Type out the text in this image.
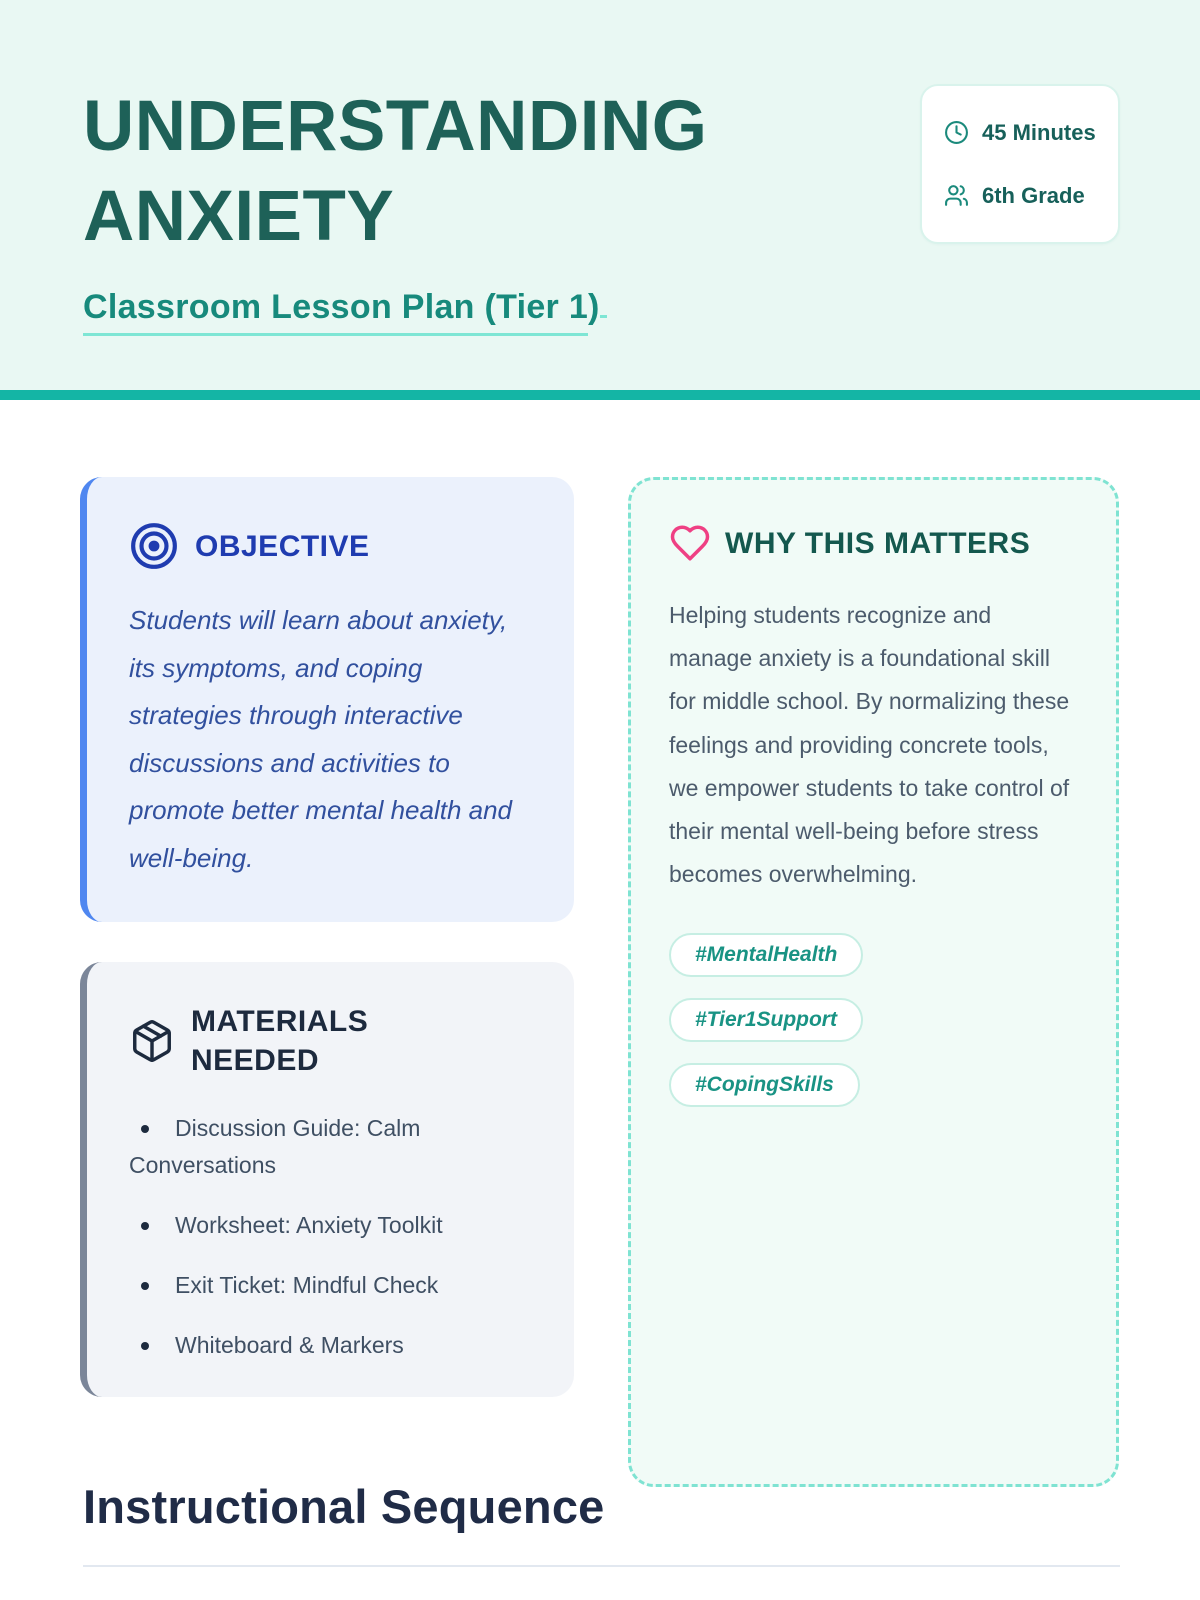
UNDERSTANDING
ANXIETY
Classroom Lesson Plan (Tier 1)
45 Minutes
6th Grade
OBJECTIVE
Students will learn about anxiety, its symptoms, and coping strategies through interactive discussions and activities to promote better mental health and well-being.
MATERIALS NEEDED
Discussion Guide: Calm Conversations
Worksheet: Anxiety Toolkit
Exit Ticket: Mindful Check
Whiteboard & Markers
WHY THIS MATTERS
Helping students recognize and manage anxiety is a foundational skill for middle school. By normalizing these feelings and providing concrete tools, we empower students to take control of their mental well-being before stress becomes overwhelming.
#MentalHealth
#Tier1Support
#CopingSkills
Instructional Sequence
